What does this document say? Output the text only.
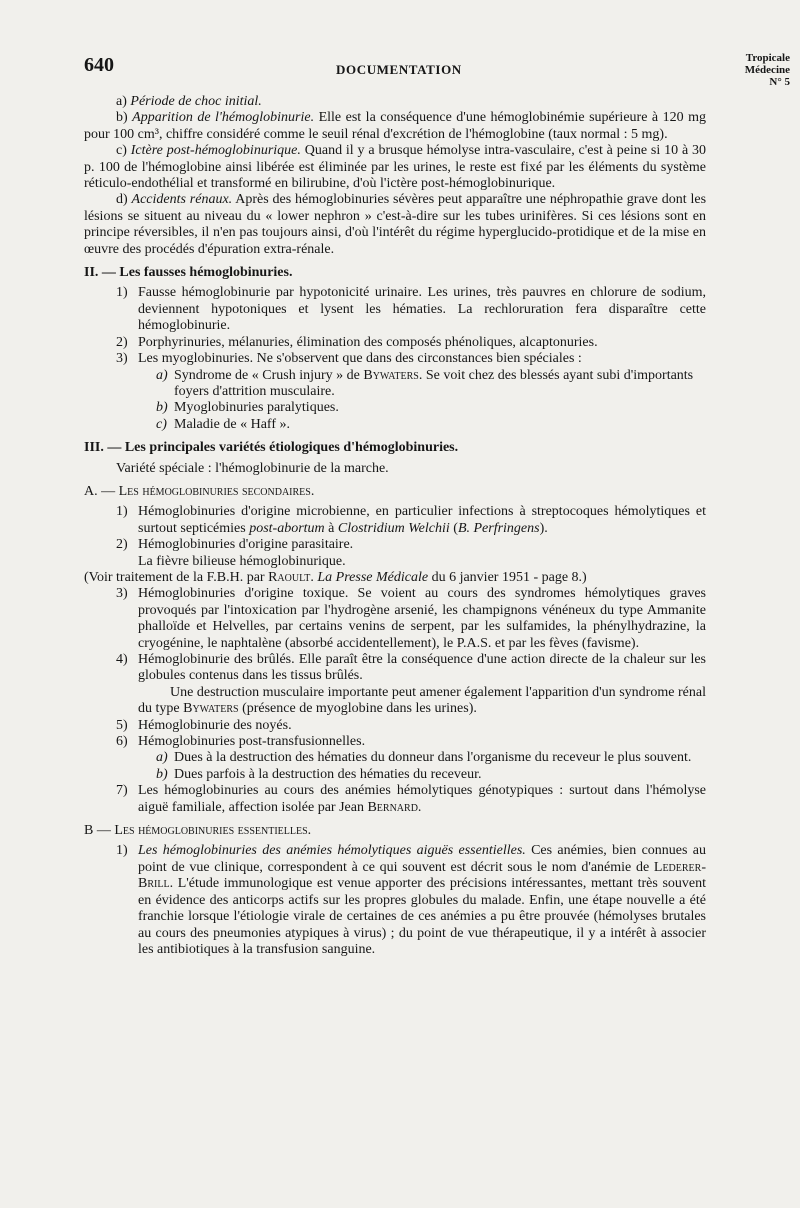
640	DOCUMENTATION
Tropicale
Médecine
N° 5

a) Période de choc initial.

b) Apparition de l'hémoglobinurie. Elle est la conséquence d'une hémoglobinémie supérieure à 120 mg pour 100 cm³, chiffre considéré comme le seuil rénal d'excrétion de l'hémoglobine (taux normal : 5 mg).

c) Ictère post-hémoglobinurique. Quand il y a brusque hémolyse intra-vasculaire, c'est à peine si 10 à 30 p. 100 de l'hémoglobine ainsi libérée est éliminée par les urines, le reste est fixé par les éléments du système réticulo-endothélial et transformé en bilirubine, d'où l'ictère post-hémoglobinurique.

d) Accidents rénaux. Après des hémoglobinuries sévères peut apparaître une néphropathie grave dont les lésions se situent au niveau du « lower nephron » c'est-à-dire sur les tubes urinifères. Si ces lésions sont en principe réversibles, il n'en pas toujours ainsi, d'où l'intérêt du régime hyperglucido-protidique et de la mise en œuvre des procédés d'épuration extra-rénale.

II. — Les fausses hémoglobinuries.

1) Fausse hémoglobinurie par hypotonicité urinaire. Les urines, très pauvres en chlorure de sodium, deviennent hypotoniques et lysent les hématies. La rechloruration fera disparaître cette hémoglobinurie.
2) Porphyrinuries, mélanuries, élimination des composés phénoliques, alcaptonuries.
3) Les myoglobinuries. Ne s'observent que dans des circonstances bien spéciales :
a) Syndrome de « Crush injury » de Bywaters. Se voit chez des blessés ayant subi d'importants foyers d'attrition musculaire.
b) Myoglobinuries paralytiques.
c) Maladie de « Haff ».

III. — Les principales variétés étiologiques d'hémoglobinuries.

Variété spéciale : l'hémoglobinurie de la marche.

A. — Les hémoglobinuries secondaires.

1) Hémoglobinuries d'origine microbienne, en particulier infections à streptocoques hémolytiques et surtout septicémies post-abortum à Clostridium Welchii (B. Perfringens).
2) Hémoglobinuries d'origine parasitaire.

La fièvre bilieuse hémoglobinurique.

(Voir traitement de la F.B.H. par Raoult. La Presse Médicale du 6 janvier 1951 - page 8.)

3) Hémoglobinuries d'origine toxique. Se voient au cours des syndromes hémolytiques graves provoqués par l'intoxication par l'hydrogène arsenié, les champignons vénéneux du type Ammanite phalloïde et Helvelles, par certains venins de serpent, par les sulfamides, la phénylhydrazine, la cryogénine, le naphtalène (absorbé accidentellement), le P.A.S. et par les fèves (favisme).
4) Hémoglobinurie des brûlés. Elle paraît être la conséquence d'une action directe de la chaleur sur les globules contenus dans les tissus brûlés.

Une destruction musculaire importante peut amener également l'apparition d'un syndrome rénal du type Bywaters (présence de myoglobine dans les urines).

5) Hémoglobinurie des noyés.
6) Hémoglobinuries post-transfusionnelles.
a) Dues à la destruction des hématies du donneur dans l'organisme du receveur le plus souvent.
b) Dues parfois à la destruction des hématies du receveur.
7) Les hémoglobinuries au cours des anémies hémolytiques génotypiques : surtout dans l'hémolyse aiguë familiale, affection isolée par Jean Bernard.

B — Les hémoglobinuries essentielles.

1) Les hémoglobinuries des anémies hémolytiques aiguës essentielles. Ces anémies, bien connues au point de vue clinique, correspondent à ce qui souvent est décrit sous le nom d'anémie de Lederer-Brill. L'étude immunologique est venue apporter des précisions intéressantes, mettant très souvent en évidence des anticorps actifs sur les propres globules du malade. Enfin, une étape nouvelle a été franchie lorsque l'étiologie virale de certaines de ces anémies a pu être prouvée (hémolyses brutales au cours des pneumonies atypiques à virus) ; du point de vue thérapeutique, il y a intérêt à associer les antibiotiques à la transfusion sanguine.
